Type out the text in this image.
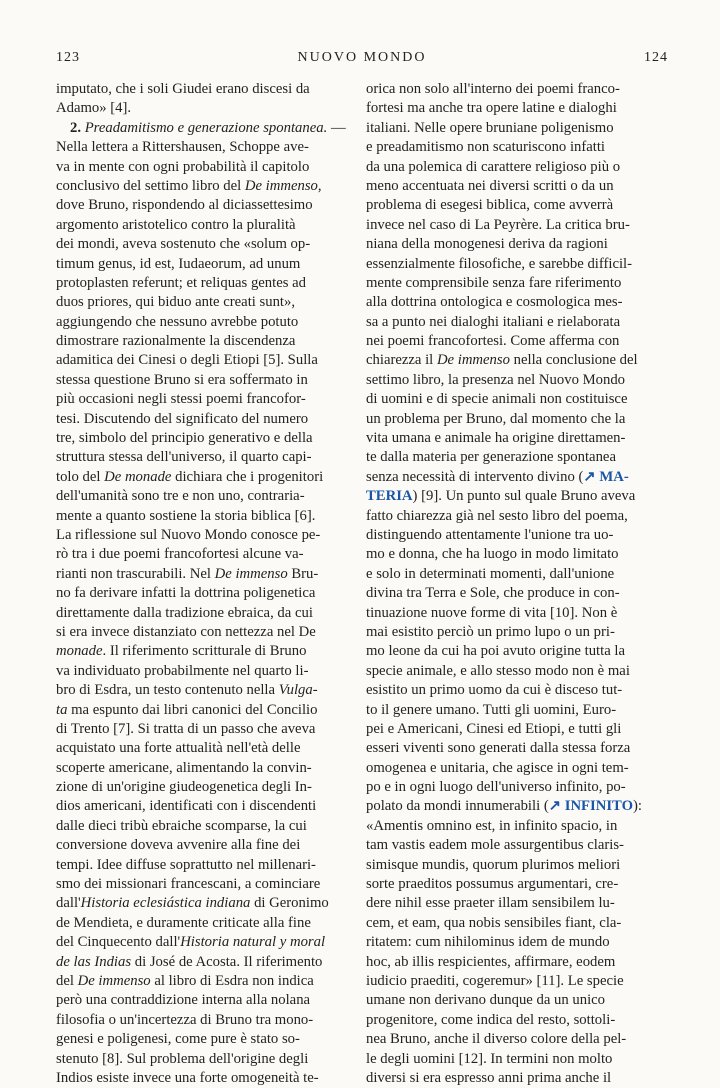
123	NUOVO MONDO	124
imputato, che i soli Giudei erano discesi da
Adamo» [4].
2. Preadamitismo e generazione spontanea. —
Nella lettera a Rittershausen, Schoppe ave-
va in mente con ogni probabilità il capitolo
conclusivo del settimo libro del De immenso,
dove Bruno, rispondendo al diciassettesimo
argomento aristotelico contro la pluralità
dei mondi, aveva sostenuto che «solum op-
timum genus, id est, Iudaeorum, ad unum
protoplasten referunt; et reliquas gentes ad
duos priores, qui biduo ante creati sunt»,
aggiungendo che nessuno avrebbe potuto
dimostrare razionalmente la discendenza
adamitica dei Cinesi o degli Etiopi [5]. Sulla
stessa questione Bruno si era soffermato in
più occasioni negli stessi poemi francofor-
tesi. Discutendo del significato del numero
tre, simbolo del principio generativo e della
struttura stessa dell'universo, il quarto capi-
tolo del De monade dichiara che i progenitori
dell'umanità sono tre e non uno, contraria-
mente a quanto sostiene la storia biblica [6].
La riflessione sul Nuovo Mondo conosce pe-
rò tra i due poemi francofortesi alcune va-
rianti non trascurabili. Nel De immenso Bru-
no fa derivare infatti la dottrina poligenetica
direttamente dalla tradizione ebraica, da cui
si era invece distanziato con nettezza nel De
monade. Il riferimento scritturale di Bruno
va individuato probabilmente nel quarto li-
bro di Esdra, un testo contenuto nella Vulga-
ta ma espunto dai libri canonici del Concilio
di Trento [7]. Si tratta di un passo che aveva
acquistato una forte attualità nell'età delle
scoperte americane, alimentando la convin-
zione di un'origine giudeogenetica degli In-
dios americani, identificati con i discendenti
dalle dieci tribù ebraiche scomparse, la cui
conversione doveva avvenire alla fine dei
tempi. Idee diffuse soprattutto nel millenari-
smo dei missionari francescani, a cominciare
dall'Historia eclesiástica indiana di Geronimo
de Mendieta, e duramente criticate alla fine
del Cinquecento dall'Historia natural y moral
de las Indias di José de Acosta. Il riferimento
del De immenso al libro di Esdra non indica
però una contraddizione interna alla nolana
filosofia o un'incertezza di Bruno tra mono-
genesi e poligenesi, come pure è stato so-
stenuto [8]. Sul problema dell'origine degli
Indios esiste invece una forte omogeneità te-
orica non solo all'interno dei poemi franco-
fortesi ma anche tra opere latine e dialoghi
italiani. Nelle opere bruniane poligenismo
e preadamitismo non scaturiscono infatti
da una polemica di carattere religioso più o
meno accentuata nei diversi scritti o da un
problema di esegesi biblica, come avverrà
invece nel caso di La Peyrère. La critica bru-
niana della monogenesi deriva da ragioni
essenzialmente filosofiche, e sarebbe difficil-
mente comprensibile senza fare riferimento
alla dottrina ontologica e cosmologica mes-
sa a punto nei dialoghi italiani e rielaborata
nei poemi francofortesi. Come afferma con
chiarezza il De immenso nella conclusione del
settimo libro, la presenza nel Nuovo Mondo
di uomini e di specie animali non costituisce
un problema per Bruno, dal momento che la
vita umana e animale ha origine direttamen-
te dalla materia per generazione spontanea
senza necessità di intervento divino (↗ MA-
TERIA) [9]. Un punto sul quale Bruno aveva
fatto chiarezza già nel sesto libro del poema,
distinguendo attentamente l'unione tra uo-
mo e donna, che ha luogo in modo limitato
e solo in determinati momenti, dall'unione
divina tra Terra e Sole, che produce in con-
tinuazione nuove forme di vita [10]. Non è
mai esistito perciò un primo lupo o un pri-
mo leone da cui ha poi avuto origine tutta la
specie animale, e allo stesso modo non è mai
esistito un primo uomo da cui è disceso tut-
to il genere umano. Tutti gli uomini, Euro-
pei e Americani, Cinesi ed Etiopi, e tutti gli
esseri viventi sono generati dalla stessa forza
omogenea e unitaria, che agisce in ogni tem-
po e in ogni luogo dell'universo infinito, po-
polato da mondi innumerabili (↗ INFINITO):
«Amentis omnino est, in infinito spacio, in
tam vastis eadem mole assurgentibus claris-
simisque mundis, quorum plurimos meliori
sorte praeditos possumus argumentari, cre-
dere nihil esse praeter illam sensibilem lu-
cem, et eam, qua nobis sensibiles fiant, cla-
ritatem: cum nihilominus idem de mundo
hoc, ab illis respicientes, affirmare, eodem
iudicio praediti, cogeremur» [11]. Le specie
umane non derivano dunque da un unico
progenitore, come indica del resto, sottoli-
nea Bruno, anche il diverso colore della pel-
le degli uomini [12]. In termini non molto
diversi si era espresso anni prima anche il
